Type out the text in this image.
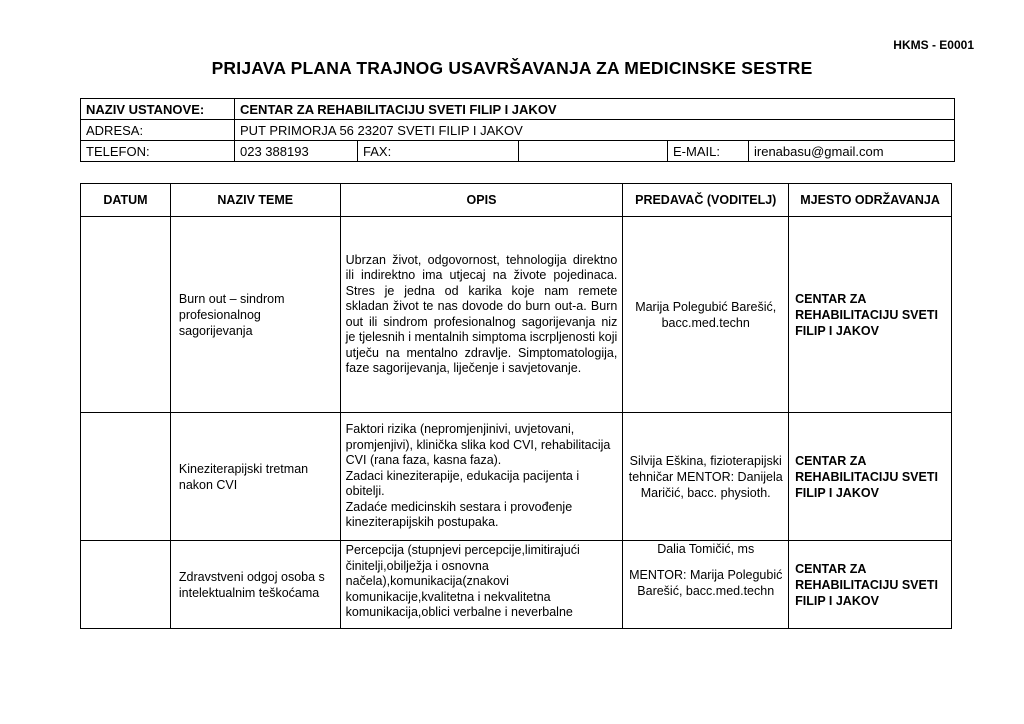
HKMS - E0001
PRIJAVA PLANA TRAJNOG USAVRŠAVANJA ZA MEDICINSKE SESTRE
NAZIV USTANOVE:	CENTAR ZA REHABILITACIJU SVETI FILIP I JAKOV				
ADRESA:	PUT PRIMORJA 56 23207 SVETI FILIP I JAKOV				
TELEFON:	023 388193	FAX:		E-MAIL:	irenabasu@gmail.com
DATUM	NAZIV TEME	OPIS	PREDAVAČ (VODITELJ)	MJESTO ODRŽAVANJA
	Burn out – sindrom profesionalnog sagorijevanja	Ubrzan život, odgovornost, tehnologija direktno ili indirektno ima utjecaj na živote pojedinaca. Stres je jedna od karika koje nam remete skladan život te nas dovode do burn out-a. Burn out ili sindrom profesionalnog sagorijevanja niz je tjelesnih i mentalnih simptoma iscrpljenosti koji utječu na mentalno zdravlje. Simptomatologija, faze sagorijevanja, liječenje i savjetovanje.	Marija Polegubić Barešić, bacc.med.techn	CENTAR ZA REHABILITACIJU SVETI FILIP I JAKOV
	Kineziterapijski tretman nakon CVI	Faktori rizika (nepromjenjinivi, uvjetovani, promjenjivi), klinička slika kod CVI, rehabilitacija CVI (rana faza, kasna faza).
Zadaci kineziterapije, edukacija pacijenta i obitelji.
Zadaće medicinskih sestara i provođenje kineziterapijskih postupaka.	Silvija Eškina, fizioterapijski tehničar MENTOR: Danijela Maričić, bacc. physioth.	CENTAR ZA REHABILITACIJU SVETI FILIP I JAKOV
	Zdravstveni odgoj osoba s intelektualnim teškoćama	Percepcija (stupnjevi percepcije,limitirajući činitelji,obilježja i osnovna načela),komunikacija(znakovi komunikacije,kvalitetna i nekvalitetna komunikacija,oblici verbalne i neverbalne	Dalia Tomičić, ms
MENTOR: Marija Polegubić Barešić, bacc.med.techn	CENTAR ZA REHABILITACIJU SVETI FILIP I JAKOV
